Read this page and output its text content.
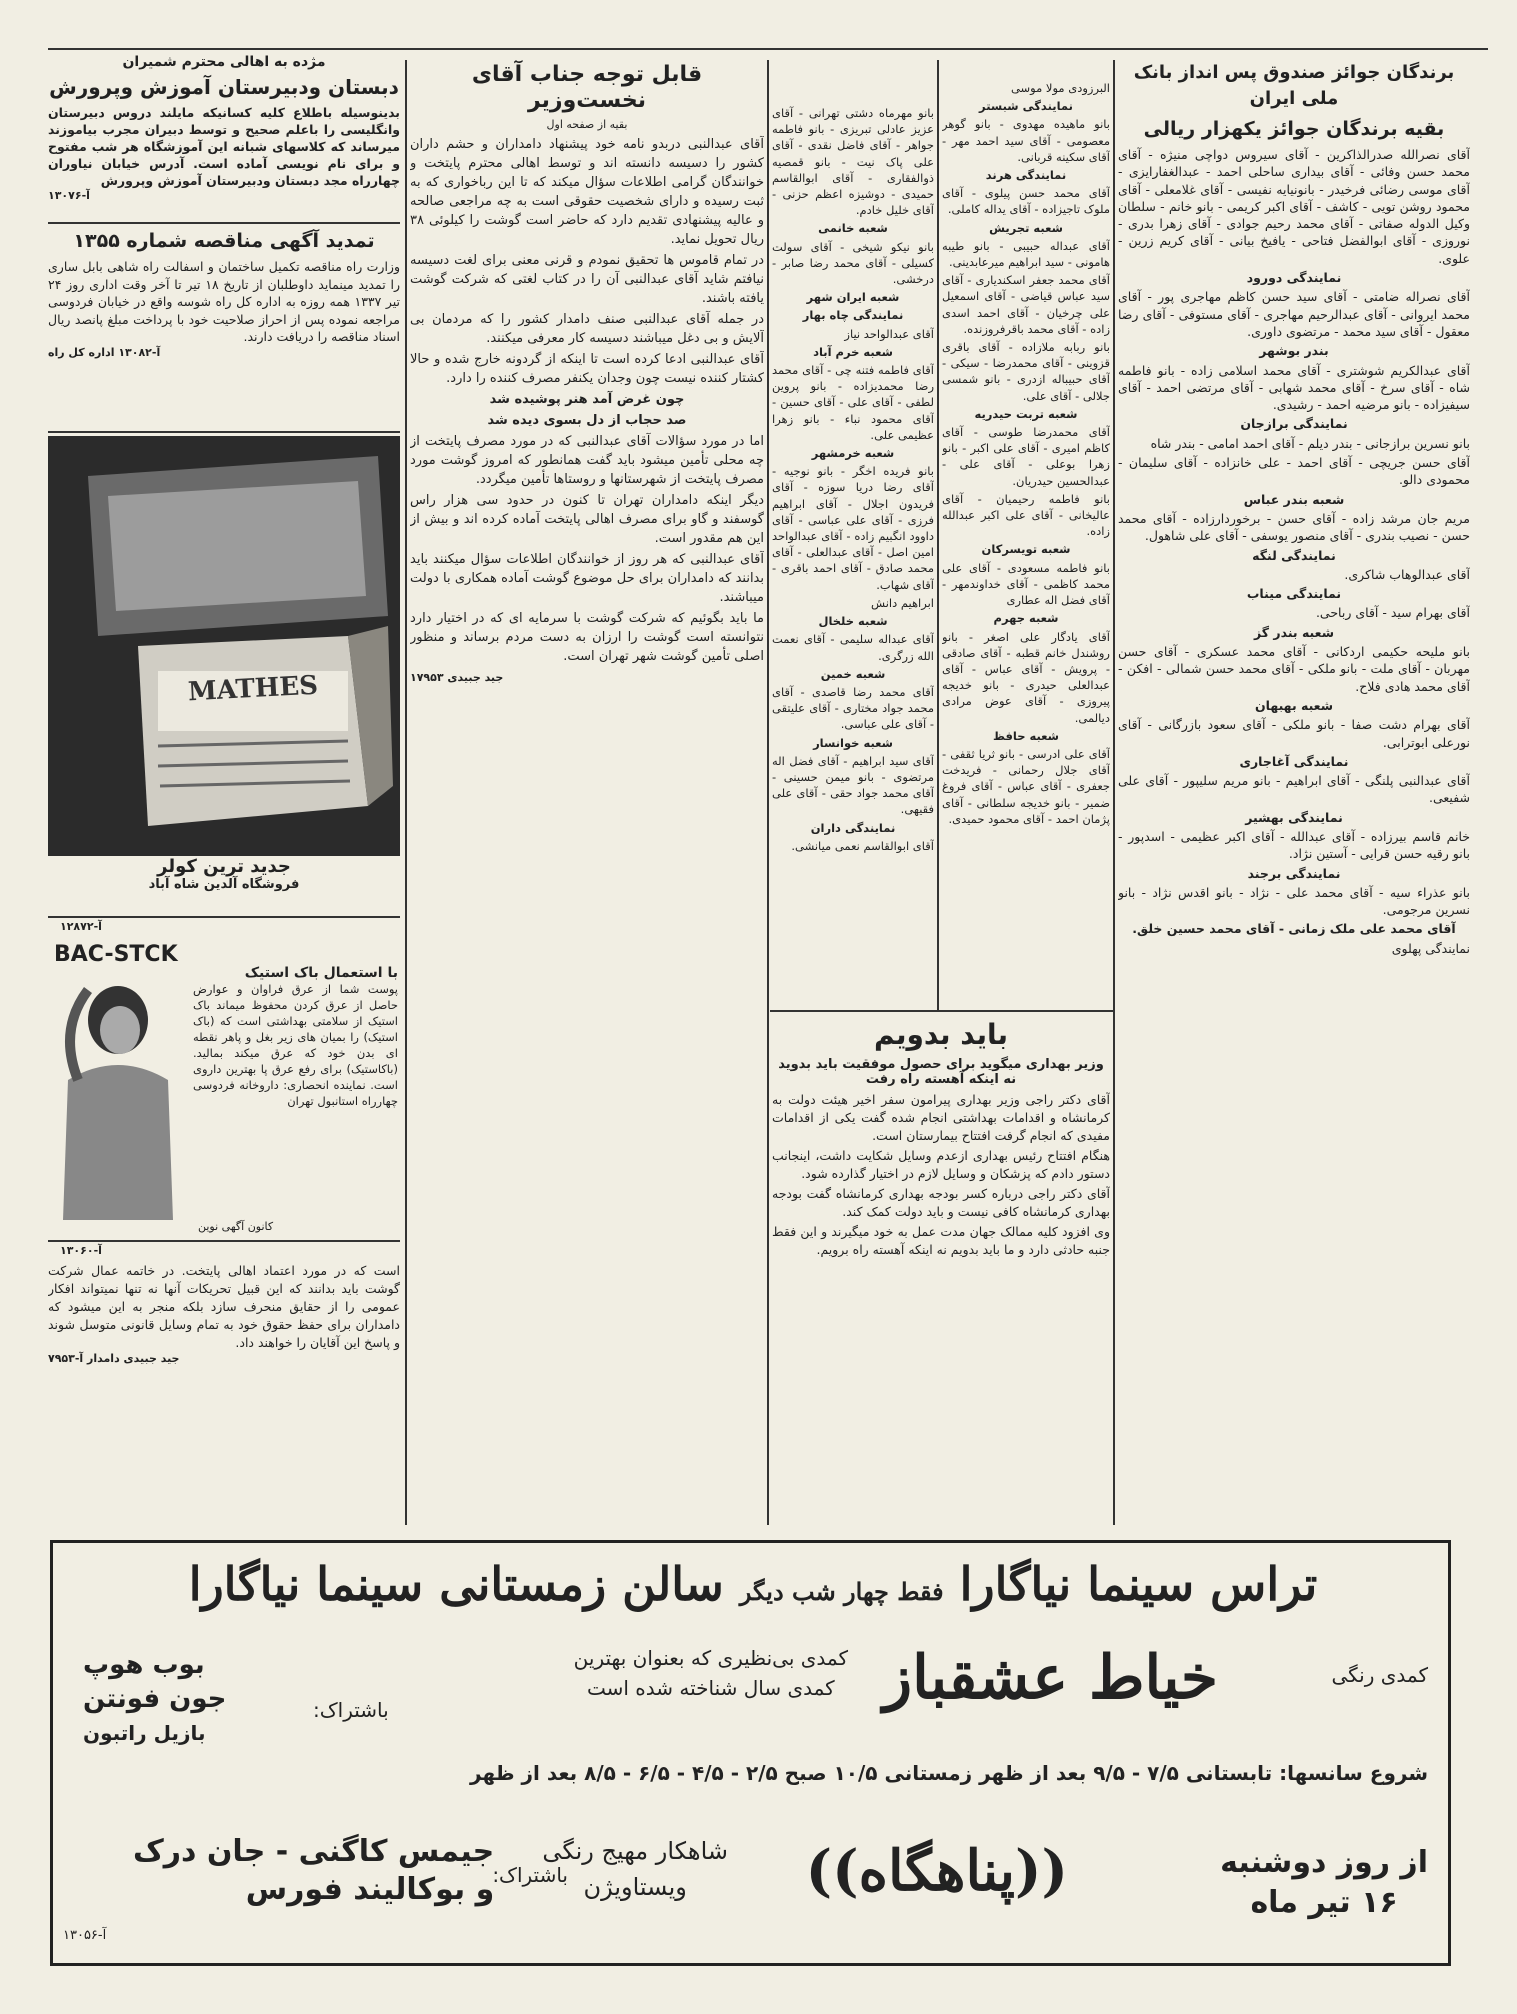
برندگان جوائز صندوق پس انداز بانک ملی ایران
بقیه برندگان جوائز یکهزار ریالی

آقای نصرالله صدرالذاکرین - آقای سیروس دواچی منیژه - آقای محمد حسن وفائی - آقای بیداری ساحلی احمد - عبدالغفارایزی - آقای موسی رضائی فرخیدر - بانونیایه نفیسی - آقای غلامعلی - آقای محمود روشن تویی - کاشف - آقای اکبر کریمی - بانو خانم - سلطان وکیل الدوله صفاتی - آقای محمد رحیم جوادی - آقای زهرا بدری - نوروزی - آقای ابوالفضل فتاحی - یافیخ بیانی - آقای کریم زرین - علوی.

نمایندگی دورود

آقای نصراله ضامتی - آقای سید حسن کاظم مهاجری پور - آقای محمد ایروانی - آقای عبدالرحیم مهاجری - آقای مستوفی - آقای رضا معقول - آقای سید محمد - مرتضوی داوری.

بندر بوشهر

آقای عبدالکریم شوشتری - آقای محمد اسلامی زاده - بانو فاطمه شاه - آقای سرخ - آقای محمد شهابی - آقای مرتضی احمد - آقای سیفیزاده - بانو مرضیه احمد - رشیدی.

نمایندگی برازجان

بانو نسرین برازجانی - بندر دیلم - آقای احمد امامی - بندر شاه

آقای حسن جریچی - آقای احمد - علی خانزاده - آقای سلیمان - محمودی دالو.

شعبه بندر عباس

مریم جان مرشد زاده - آقای حسن - برخوردارزاده - آقای محمد حسن - نصیب بندری - آقای منصور یوسفی - آقای علی شاهول.

نمایندگی لنگه

آقای عبدالوهاب شاکری.

نمایندگی میناب

آقای بهرام سید - آقای رباحی.

شعبه بندر گز

بانو ملیحه حکیمی اردکانی - آقای محمد عسکری - آقای حسن مهربان - آقای ملت - بانو ملکی - آقای محمد حسن شمالی - افکن - آقای محمد هادی فلاح.

شعبه بهبهان

آقای بهرام دشت صفا - بانو ملکی - آقای سعود بازرگانی - آقای نورعلی ابوترابی.

نمایندگی آغاجاری

آقای عبدالنبی پلنگی - آقای ابراهیم - بانو مریم سلیپور - آقای علی شفیعی.

نمایندگی بهشیر

خانم قاسم بیرزاده - آقای عبدالله - آقای اکبر عظیمی - اسدپور - بانو رقیه حسن قرایی - آستین نژاد.

نمایندگی برجند

بانو عذراء سیه - آقای محمد علی - نژاد - بانو اقدس نژاد - بانو نسرین مرجومی.

آقای محمد علی ملک زمانی - آقای محمد حسین خلق.

نمایندگی پهلوی

البرزودی مولا موسی

نمایندگی شبستر

بانو ماهیده مهدوی - بانو گوهر معصومی - آقای سید احمد مهر - آقای سکینه قربانی.

نمایندگی هرند

آقای محمد حسن پیلوی - آقای ملوک تاجیزاده - آقای یداله کاملی.

شعبه تجریش

آقای عبداله حبیبی - بانو طیبه هامونی - سید ابراهیم میرعابدینی.

آقای محمد جعفر اسکندیاری - آقای سید عباس قیاضی - آقای اسمعیل علی چرخیان - آقای احمد اسدی زاده - آقای محمد باقرفروزنده.

بانو ربابه ملازاده - آقای باقری قزوینی - آقای محمدرضا - سیکی - آقای حبیباله ازدری - بانو شمسی جلالی - آقای علی.

شعبه تربت حیدریه

آقای محمدرضا طوسی - آقای کاظم امیری - آقای علی اکبر - بانو زهرا بوعلی - آقای علی - عبدالحسین حیدریان.

بانو فاطمه رحیمیان - آقای عالیخانی - آقای علی اکبر عبدالله زاده.

شعبه تویسرکان

بانو فاطمه مسعودی - آقای علی محمد کاظمی - آقای خداوندمهر - آقای فضل اله عطاری

شعبه جهرم

آقای یادگار علی اصغر - بانو روشندل خانم قطبه - آقای صادقی - پرویش - آقای عباس - آقای عبدالعلی حیدری - بانو خدیجه پیروزی - آقای عوض مرادی دیالمی.

شعبه حافظ

آقای علی ادرسی - بانو ثریا ثقفی - آقای جلال رحمانی - فریدخت جعفری - آقای عباس - آقای فروغ ضمیر - بانو خدیجه سلطانی - آقای پژمان احمد - آقای محمود حمیدی.

بانو مهرماه دشتی تهرانی - آقای عزیز عادلی تبریزی - بانو فاطمه جواهر - آقای فاضل نقدی - آقای علی پاک نیت - بانو قمصیه ذوالفقاری - آقای ابوالقاسم حمیدی - دوشیزه اعظم حزنی - آقای خلیل خادم.

شعبه خانمی

بانو نیکو شیخی - آقای سولت کسیلی - آقای محمد رضا صابر - درخشی.

شعبه ایران شهر

نمایندگی چاه بهار

آقای عبدالواحد نیاز

شعبه خرم آباد

آقای فاطمه فتنه چی - آقای محمد رضا محمدیزاده - بانو پروین لطفی - آقای علی - آقای حسین - آقای محمود نباء - بانو زهرا عظیمی علی.

شعبه خرمشهر

بانو فریده اخگر - بانو نوجیه - آقای رضا دریا سوزه - آقای فریدون اجلال - آقای ابراهیم فرزی - آقای علی عباسی - آقای داوود انگبیم زاده - آقای عبدالواحد امین اصل - آقای عبدالعلی - آقای محمد صادق - آقای احمد باقری - آقای شهاب.

ابراهیم دانش

شعبه خلخال

آقای عبداله سلیمی - آقای نعمت الله زرگری.

شعبه خمین

آقای محمد رضا قاصدی - آقای محمد جواد مختاری - آقای علیتقی - آقای علی عباسی.

شعبه خوانسار

آقای سید ابراهیم - آقای فضل اله مرتضوی - بانو میمن حسینی - آقای محمد جواد حقی - آقای علی فقیهی.

نمایندگی داران

آقای ابوالقاسم نعمی میانشی.

باید بدویم
وزیر بهداری میگوید برای حصول موفقیت باید بدوید نه اینکه آهسته راه رفت

آقای دکتر راجی وزیر بهداری پیرامون سفر اخیر هیئت دولت به کرمانشاه و اقدامات بهداشتی انجام شده گفت یکی از اقدامات مفیدی که انجام گرفت افتتاح بیمارستان است.

هنگام افتتاح رئیس بهداری ازعدم وسایل شکایت داشت، اینجانب دستور دادم که پزشکان و وسایل لازم در اختیار گذارده شود.

آقای دکتر راجی درباره کسر بودجه بهداری کرمانشاه گفت بودجه بهداری کرمانشاه کافی نیست و باید دولت کمک کند.

وی افزود کلیه ممالک جهان مدت عمل به خود میگیرند و این فقط جنبه حادثی دارد و ما باید بدویم نه اینکه آهسته راه برویم.

قابل توجه جناب آقای نخست‌وزیر
بقیه از صفحه اول

آقای عبدالنبی دربدو نامه خود پیشنهاد دامداران و حشم داران کشور را دسیسه دانسته اند و توسط اهالی محترم پایتخت و خوانندگان گرامی اطلاعات سؤال میکند که تا این رباخواری که به ثبت رسیده و دارای شخصیت حقوقی است به چه مراجعی صالحه و عالیه پیشنهادی تقدیم دارد که حاضر است گوشت را کیلوئی ۳۸ ریال تحویل نماید.

در تمام قاموس ها تحقیق نمودم و قرنی معنی برای لغت دسیسه نیافتم شاید آقای عبدالنبی آن را در کتاب لغتی که شرکت گوشت یافته باشند.

در جمله آقای عبدالنبی صنف دامدار کشور را که مردمان بی آلایش و بی دغل میباشند دسیسه کار معرفی میکنند.

آقای عبدالنبی ادعا کرده است تا اینکه از گردونه خارج شده و حالا کشتار کننده نیست چون وجدان یکنفر مصرف کننده را دارد.

چون غرض آمد هنر پوشیده شد

صد حجاب از دل بسوی دیده شد

اما در مورد سؤالات آقای عبدالنبی که در مورد مصرف پایتخت از چه محلی تأمین میشود باید گفت همانطور که امروز گوشت مورد مصرف پایتخت از شهرستانها و روستاها تأمین میگردد.

دیگر اینکه دامداران تهران تا کنون در حدود سی هزار راس گوسفند و گاو برای مصرف اهالی پایتخت آماده کرده اند و بیش از این هم مقدور است.

آقای عبدالنبی که هر روز از خوانندگان اطلاعات سؤال میکنند باید بدانند که دامداران برای حل موضوع گوشت آماده همکاری با دولت میباشند.

ما باید بگوئیم که شرکت گوشت با سرمایه ای که در اختیار دارد نتوانسته است گوشت را ارزان به دست مردم برساند و منظور اصلی تأمین گوشت شهر تهران است.

جید جبیدی ۱۷۹۵۳

مژده به اهالی محترم شمیران
دبستان ودبیرستان آموزش وپرورش
بدینوسیله باطلاع کلیه کسانیکه مایلند دروس دبیرستان وانگلیسی را باعلم صحیح و توسط دبیران مجرب بیاموزند میرساند که کلاسهای شبانه این آموزشگاه هر شب مفتوح و برای نام نویسی آماده است. آدرس خیابان نیاوران چهارراه مجد دبستان ودبیرستان آموزش وپرورش
آ-۱۳۰۷۶
تمدید آگهی مناقصه شماره ۱۳۵۵
وزارت راه مناقصه تکمیل ساختمان و اسفالت راه شاهی بابل ساری را تمدید مینماید داوطلبان از تاریخ ۱۸ تیر تا آخر وقت اداری روز ۲۴ تیر ۱۳۳۷ همه روزه به اداره کل راه شوسه واقع در خیابان فردوسی مراجعه نموده پس از احراز صلاحیت خود با پرداخت مبلغ پانصد ریال اسناد مناقصه را دریافت دارند.
آ-۱۳۰۸۲ اداره کل راه
MATHES
جدید ترین کولر
فروشگاه آلدین شاه آباد
آ-۱۲۸۷۲
BAC-STCK
با استعمال باک استیک
پوست شما از عرق فراوان و عوارض حاصل از عرق کردن محفوظ میماند باک استیک از سلامتی بهداشتی است که (باک استیک) را بمیان های زیر بغل و پاهر نقطه ای بدن خود که عرق میکند بمالید. (باکاستیک) برای رفع عرق پا بهترین داروی است. نماینده انحصاری: داروخانه فردوسی چهارراه استانبول تهران
کانون آگهی نوین
آ-۱۳۰۶۰
است که در مورد اعتماد اهالی پایتخت. در خاتمه عمال شرکت گوشت باید بدانند که این قبیل تحریکات آنها نه تنها نمیتواند افکار عمومی را از حقایق منحرف سازد بلکه منجر به این میشود که دامداران برای حفظ حقوق خود به تمام وسایل قانونی متوسل شوند و پاسخ این آقایان را خواهند داد.
جید جبیدی دامدار آ-۷۹۵۳
تراس سینما نیاگارا فقط چهار شب دیگر سالن زمستانی سینما نیاگارا
کمدی رنگی
خیاط عشقباز
کمدی بی‌نظیری که بعنوان بهترین
کمدی سال شناخته شده است
باشتراک:
بوب هوپ
جون فونتن
بازیل راتبون
شروع سانسها: تابستانی ۷/۵ - ۹/۵ بعد از ظهر زمستانی ۱۰/۵ صبح ۲/۵ - ۴/۵ - ۶/۵ - ۸/۵ بعد از ظهر
از روز دوشنبه
۱۶ تیر ماه
((پناهگاه))
شاهکار مهیج رنگی
ویستاویژن
باشتراک:
جیمس کاگنی - جان درک
و بوکالیند فورس
آ-۱۳۰۵۶
